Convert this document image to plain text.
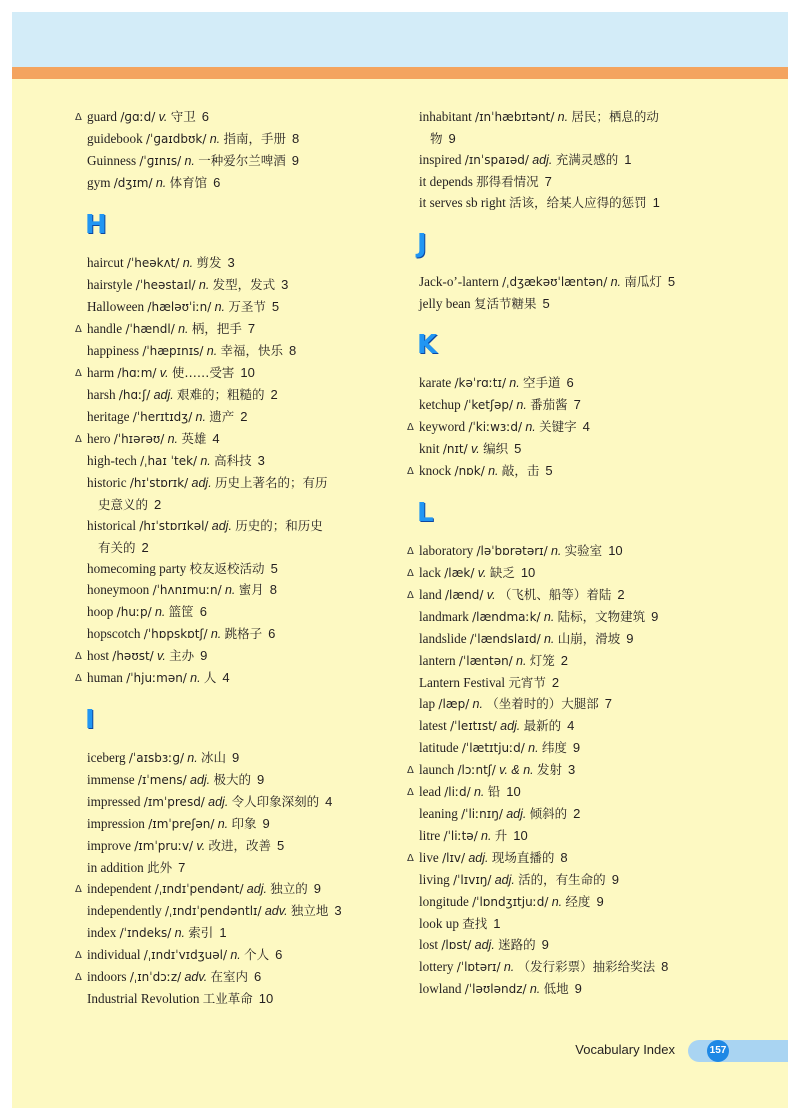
Δ guard /ɡɑːd/ v. 守卫 6
guidebook /ˈɡaɪdbʊk/ n. 指南，手册 8
Guinness /ˈɡɪnɪs/ n. 一种爱尔兰啤酒 9
gym /dʒɪm/ n. 体育馆 6
H
haircut /ˈheəkʌt/ n. 剪发 3
hairstyle /ˈheəstaɪl/ n. 发型，发式 3
Halloween /hæləʊˈiːn/ n. 万圣节 5
Δ handle /ˈhændl/ n. 柄，把手 7
happiness /ˈhæpɪnɪs/ n. 幸福，快乐 8
Δ harm /hɑːm/ v. 使……受害 10
harsh /hɑːʃ/ adj. 艰难的；粗糙的 2
heritage /ˈherɪtɪdʒ/ n. 遗产 2
Δ hero /ˈhɪərəʊ/ n. 英雄 4
high-tech /ˌhaɪ ˈtek/ n. 高科技 3
historic /hɪˈstɒrɪk/ adj. 历史上著名的；有历
史意义的 2
historical /hɪˈstɒrɪkəl/ adj. 历史的；和历史
有关的 2
homecoming party 校友返校活动 5
honeymoon /ˈhʌnɪmuːn/ n. 蜜月 8
hoop /huːp/ n. 篮筐 6
hopscotch /ˈhɒpskɒtʃ/ n. 跳格子 6
Δ host /həʊst/ v. 主办 9
Δ human /ˈhjuːmən/ n. 人 4
I
iceberg /ˈaɪsbɜːɡ/ n. 冰山 9
immense /ɪˈmens/ adj. 极大的 9
impressed /ɪmˈpresd/ adj. 令人印象深刻的 4
impression /ɪmˈpreʃən/ n. 印象 9
improve /ɪmˈpruːv/ v. 改进，改善 5
in addition 此外 7
Δ independent /ˌɪndɪˈpendənt/ adj. 独立的 9
independently /ˌɪndɪˈpendəntlɪ/ adv. 独立地 3
index /ˈɪndeks/ n. 索引 1
Δ individual /ˌɪndɪˈvɪdʒuəl/ n. 个人 6
Δ indoors /ˌɪnˈdɔːz/ adv. 在室内 6
Industrial Revolution 工业革命 10
inhabitant /ɪnˈhæbɪtənt/ n. 居民；栖息的动
物 9
inspired /ɪnˈspaɪəd/ adj. 充满灵感的 1
it depends 那得看情况 7
it serves sb right 活该，给某人应得的惩罚 1
J
Jack-o’-lantern /ˌdʒækəʊˈlæntən/ n. 南瓜灯 5
jelly bean 复活节糖果 5
K
karate /kəˈrɑːtɪ/ n. 空手道 6
ketchup /ˈketʃəp/ n. 番茄酱 7
Δ keyword /ˈkiːwɜːd/ n. 关键字 4
knit /nɪt/ v. 编织 5
Δ knock /nɒk/ n. 敲，击 5
L
Δ laboratory /ləˈbɒrətərɪ/ n. 实验室 10
Δ lack /læk/ v. 缺乏 10
Δ land /lænd/ v. （飞机、船等）着陆 2
landmark /lændmaːk/ n. 陆标，文物建筑 9
landslide /ˈlændslaɪd/ n. 山崩，滑坡 9
lantern /ˈlæntən/ n. 灯笼 2
Lantern Festival 元宵节 2
lap /læp/ n. （坐着时的）大腿部 7
latest /ˈleɪtɪst/ adj. 最新的 4
latitude /ˈlætɪtjuːd/ n. 纬度 9
Δ launch /lɔːntʃ/ v. & n. 发射 3
Δ lead /liːd/ n. 铅 10
leaning /ˈliːnɪŋ/ adj. 倾斜的 2
litre /ˈliːtə/ n. 升 10
Δ live /lɪv/ adj. 现场直播的 8
living /ˈlɪvɪŋ/ adj. 活的，有生命的 9
longitude /ˈlɒndʒɪtjuːd/ n. 经度 9
look up 查找 1
lost /lɒst/ adj. 迷路的 9
lottery /ˈlɒtərɪ/ n. （发行彩票）抽彩给奖法 8
lowland /ˈləʊləndz/ n. 低地 9
Vocabulary Index	157
